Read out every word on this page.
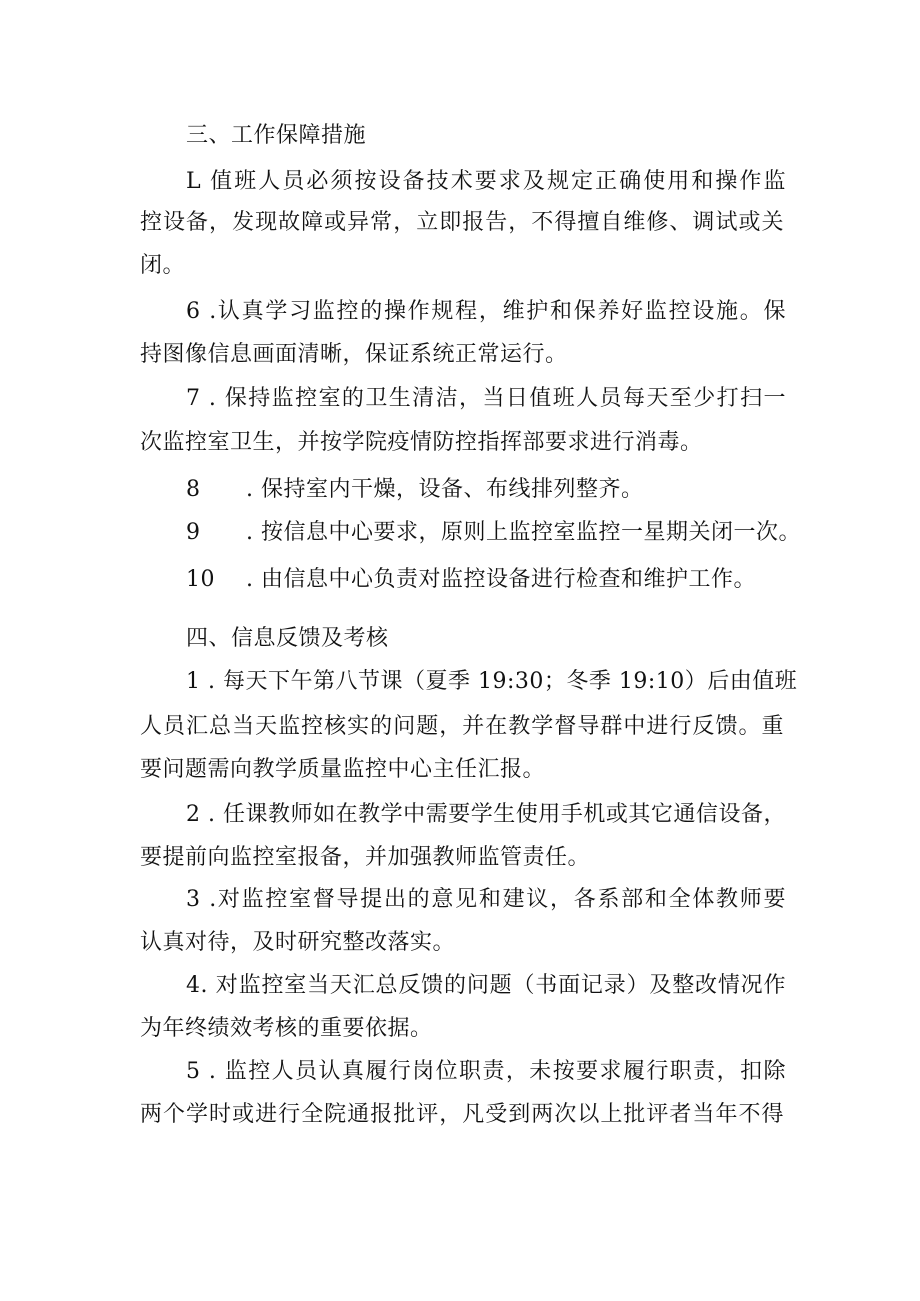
三、工作保障措施
L 值班人员必须按设备技术要求及规定正确使用和操作监
控设备，发现故障或异常，立即报告，不得擅自维修、调试或关
闭。
6 .认真学习监控的操作规程，维护和保养好监控设施。保
持图像信息画面清晰，保证系统正常运行。
7 . 保持监控室的卫生清洁，当日值班人员每天至少打扫一
次监控室卫生，并按学院疫情防控指挥部要求进行消毒。
8 . 保持室内干燥，设备、布线排列整齐。
9 . 按信息中心要求，原则上监控室监控一星期关闭一次。
10 . 由信息中心负责对监控设备进行检查和维护工作。
四、信息反馈及考核
1 . 每天下午第八节课（夏季 19:30；冬季 19:10）后由值班
人员汇总当天监控核实的问题，并在教学督导群中进行反馈。重
要问题需向教学质量监控中心主任汇报。
2 . 任课教师如在教学中需要学生使用手机或其它通信设备，
要提前向监控室报备，并加强教师监管责任。
3 .对监控室督导提出的意见和建议，各系部和全体教师要
认真对待，及时研究整改落实。
4. 对监控室当天汇总反馈的问题（书面记录）及整改情况作
为年终绩效考核的重要依据。
5 . 监控人员认真履行岗位职责，未按要求履行职责，扣除
两个学时或进行全院通报批评，凡受到两次以上批评者当年不得
